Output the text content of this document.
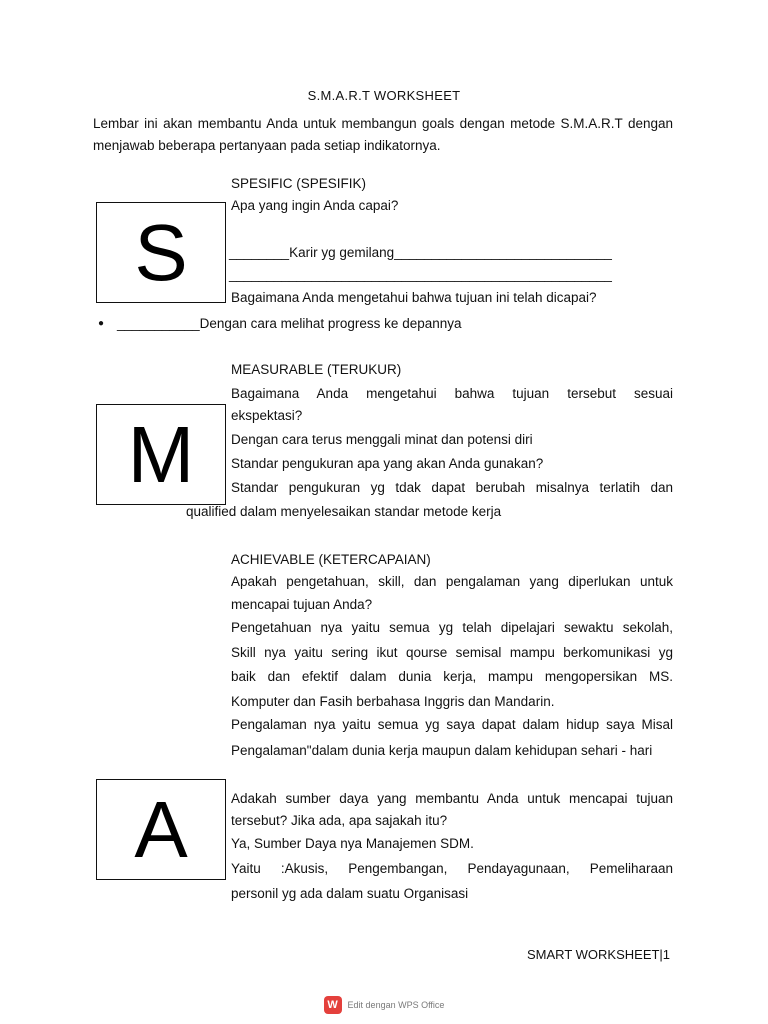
S.M.A.R.T WORKSHEET
Lembar ini akan membantu Anda untuk membangun goals dengan metode S.M.A.R.T dengan menjawab beberapa pertanyaan pada setiap indikatornya.
S
SPESIFIC (SPESIFIK)
Apa yang ingin Anda capai?
________Karir yg gemilang_____________________________
___________________________________________________
Bagaimana Anda mengetahui bahwa tujuan ini telah dicapai?
● ___________Dengan cara melihat progress ke depannya
M
MEASURABLE (TERUKUR)
Bagaimana Anda mengetahui bahwa tujuan tersebut sesuai
ekspektasi?
Dengan cara terus menggali minat dan potensi diri
Standar pengukuran apa yang akan Anda gunakan?
Standar pengukuran yg tdak dapat berubah misalnya terlatih dan
qualified dalam menyelesaikan standar metode kerja
ACHIEVABLE (KETERCAPAIAN)
Apakah pengetahuan, skill, dan pengalaman yang diperlukan untuk
mencapai tujuan Anda?
Pengetahuan nya yaitu semua yg telah dipelajari sewaktu sekolah,
Skill nya yaitu sering ikut qourse semisal mampu berkomunikasi yg
baik dan efektif dalam dunia kerja, mampu mengopersikan MS.
Komputer dan Fasih berbahasa Inggris dan Mandarin.
Pengalaman nya yaitu semua yg saya dapat dalam hidup saya Misal
Pengalaman"dalam dunia kerja maupun dalam kehidupan sehari - hari
A	Adakah sumber daya yang membantu Anda untuk mencapai tujuan
tersebut? Jika ada, apa sajakah itu?
Ya, Sumber Daya nya Manajemen SDM.
Yaitu :Akusis, Pengembangan, Pendayagunaan, Pemeliharaan
personil yg ada dalam suatu Organisasi
SMART WORKSHEET|1
W	Edit dengan WPS Office
